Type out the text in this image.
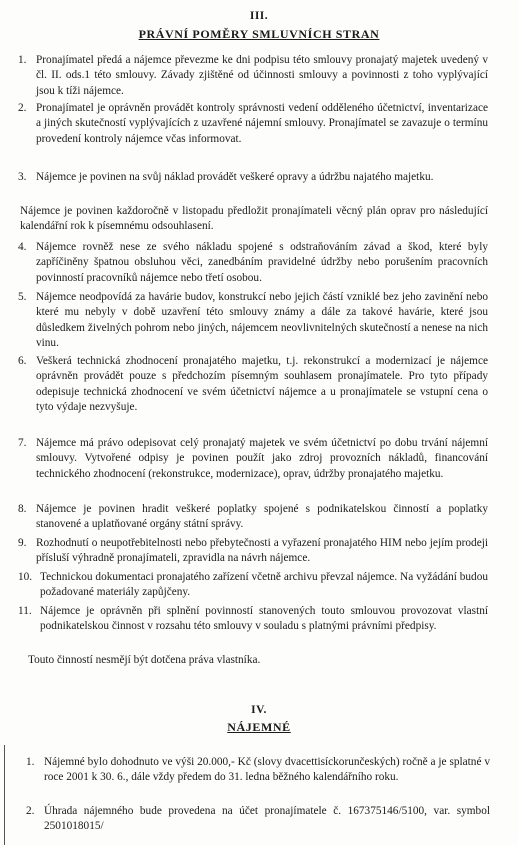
III.
PRÁVNÍ POMĚRY SMLUVNÍCH STRAN

1. Pronajímatel předá a nájemce převezme ke dni podpisu této smlouvy pronajatý majetek uvedený v čl. II. ods.1 této smlouvy. Závady zjištěné od účinnosti smlouvy a povinnosti z toho vyplývající jsou k tíži nájemce.

2. Pronajímatel je oprávněn provádět kontroly správnosti vedení odděleného účetnictví, inventarizace a jiných skutečností vyplývajících z uzavřené nájemní smlouvy. Pronajímatel se zavazuje o termínu provedení kontroly nájemce včas informovat.

3. Nájemce je povinen na svůj náklad provádět veškeré opravy a údržbu najatého majetku.

Nájemce je povinen každoročně v listopadu předložit pronajímateli věcný plán oprav pro následující kalendářní rok k písemnému odsouhlasení.

4. Nájemce rovněž nese ze svého nákladu spojené s odstraňováním závad a škod, které byly zapříčiněny špatnou obsluhou věci, zanedbáním pravidelné údržby nebo porušením pracovních povinností pracovníků nájemce nebo třetí osobou.

5. Nájemce neodpovídá za havárie budov, konstrukcí nebo jejich částí vzniklé bez jeho zavinění nebo které mu nebyly v době uzavření této smlouvy známy a dále za takové havárie, které jsou důsledkem živelných pohrom nebo jiných, nájemcem neovlivnitelných skutečností a nenese na nich vinu.

6. Veškerá technická zhodnocení pronajatého majetku, t.j. rekonstrukcí a modernizací je nájemce oprávněn provádět pouze s předchozím písemným souhlasem pronajímatele. Pro tyto případy odepisuje technická zhodnocení ve svém účetnictví nájemce a u pronajímatele se vstupní cena o tyto výdaje nezvyšuje.

7. Nájemce má právo odepisovat celý pronajatý majetek ve svém účetnictví po dobu trvání nájemní smlouvy. Vytvořené odpisy je povinen použít jako zdroj provozních nákladů, financování technického zhodnocení (rekonstrukce, modernizace), oprav, údržby pronajatého majetku.

8. Nájemce je povinen hradit veškeré poplatky spojené s podnikatelskou činností a poplatky stanovené a uplatňované orgány státní správy.

9. Rozhodnutí o neupotřebitelnosti nebo přebytečnosti a vyřazení pronajatého HIM nebo jejím prodeji přísluší výhradně pronajímateli, zpravidla na návrh nájemce.

10. Technickou dokumentaci pronajatého zařízení včetně archivu převzal nájemce. Na vyžádání budou požadované materiály zapůjčeny.

11. Nájemce je oprávněn při splnění povinností stanovených touto smlouvou provozovat vlastní podnikatelskou činnost v rozsahu této smlouvy v souladu s platnými právními předpisy.

Touto činností nesmějí být dotčena práva vlastníka.

IV.
NÁJEMNÉ

1. Nájemné bylo dohodnuto ve výši 20.000,- Kč (slovy dvacettisíckorunčeských) ročně a je splatné v roce 2001 k 30. 6., dále vždy předem do 31. ledna běžného kalendářního roku.

2. Úhrada nájemného bude provedena na účet pronajímatele č. 167375146/5100, var. symbol 2501018015/
